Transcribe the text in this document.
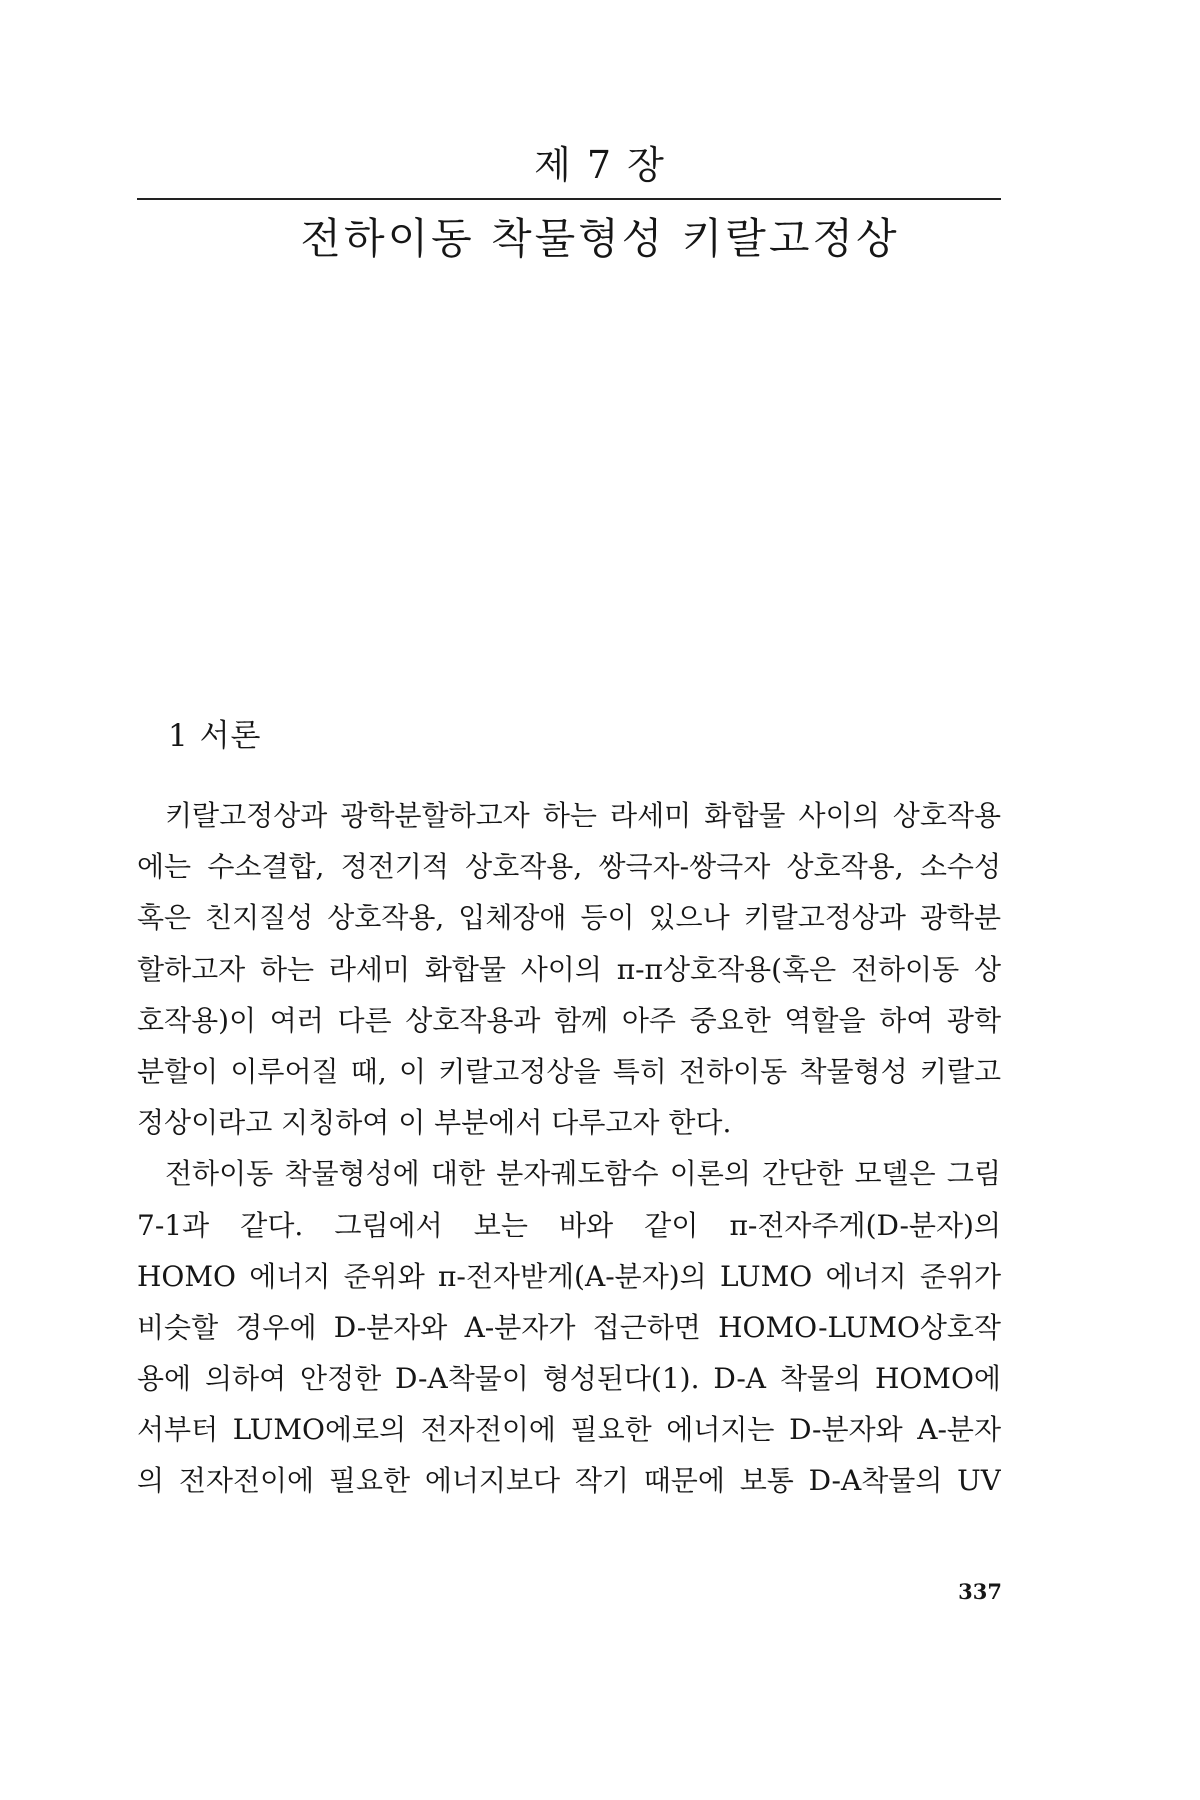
제 7 장
전하이동 착물형성 키랄고정상
1 서론
키랄고정상과 광학분할하고자 하는 라세미 화합물 사이의 상호작용
에는 수소결합, 정전기적 상호작용, 쌍극자-쌍극자 상호작용, 소수성
혹은 친지질성 상호작용, 입체장애 등이 있으나 키랄고정상과 광학분
할하고자 하는 라세미 화합물 사이의 π-π상호작용(혹은 전하이동 상
호작용)이 여러 다른 상호작용과 함께 아주 중요한 역할을 하여 광학
분할이 이루어질 때, 이 키랄고정상을 특히 전하이동 착물형성 키랄고
정상이라고 지칭하여 이 부분에서 다루고자 한다.
전하이동 착물형성에 대한 분자궤도함수 이론의 간단한 모델은 그림
7-1과 같다. 그림에서 보는 바와 같이 π-전자주게(D-분자)의
HOMO 에너지 준위와 π-전자받게(A-분자)의 LUMO 에너지 준위가
비슷할 경우에 D-분자와 A-분자가 접근하면 HOMO-LUMO상호작
용에 의하여 안정한 D-A착물이 형성된다(1). D-A 착물의 HOMO에
서부터 LUMO에로의 전자전이에 필요한 에너지는 D-분자와 A-분자
의 전자전이에 필요한 에너지보다 작기 때문에 보통 D-A착물의 UV
337
